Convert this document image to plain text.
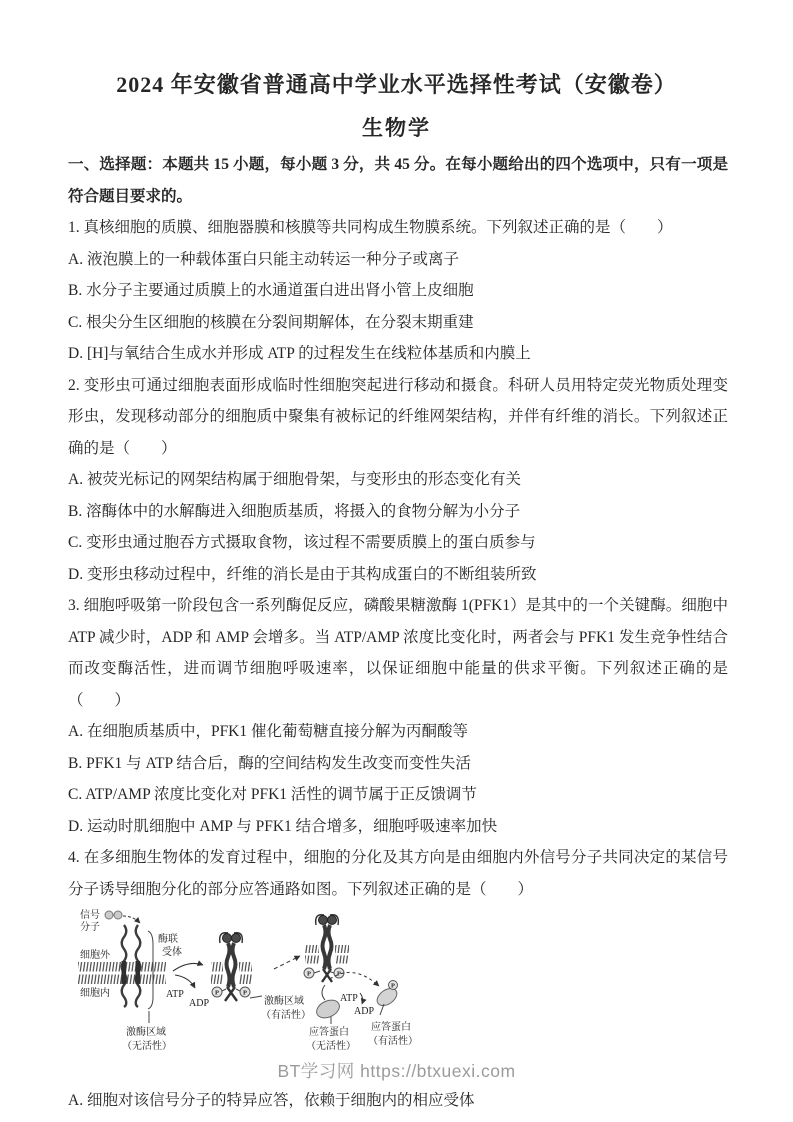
2024 年安徽省普通高中学业水平选择性考试（安徽卷）
生物学

一、选择题：本题共 15 小题，每小题 3 分，共 45 分。在每小题给出的四个选项中，只有一项是符合题目要求的。

1. 真核细胞的质膜、细胞器膜和核膜等共同构成生物膜系统。下列叙述正确的是（　　）

A. 液泡膜上的一种载体蛋白只能主动转运一种分子或离子

B. 水分子主要通过质膜上的水通道蛋白进出肾小管上皮细胞

C. 根尖分生区细胞的核膜在分裂间期解体，在分裂末期重建

D. [H]与氧结合生成水并形成 ATP 的过程发生在线粒体基质和内膜上

2. 变形虫可通过细胞表面形成临时性细胞突起进行移动和摄食。科研人员用特定荧光物质处理变形虫，发现移动部分的细胞质中聚集有被标记的纤维网架结构，并伴有纤维的消长。下列叙述正确的是（　　）

A. 被荧光标记的网架结构属于细胞骨架，与变形虫的形态变化有关

B. 溶酶体中的水解酶进入细胞质基质，将摄入的食物分解为小分子

C. 变形虫通过胞吞方式摄取食物，该过程不需要质膜上的蛋白质参与

D. 变形虫移动过程中，纤维的消长是由于其构成蛋白的不断组装所致

3. 细胞呼吸第一阶段包含一系列酶促反应，磷酸果糖激酶 1(PFK1）是其中的一个关键酶。细胞中 ATP 减少时，ADP 和 AMP 会增多。当 ATP/AMP 浓度比变化时，两者会与 PFK1 发生竞争性结合而改变酶活性，进而调节细胞呼吸速率，以保证细胞中能量的供求平衡。下列叙述正确的是（　　）

A. 在细胞质基质中，PFK1 催化葡萄糖直接分解为丙酮酸等

B. PFK1 与 ATP 结合后，酶的空间结构发生改变而变性失活

C. ATP/AMP 浓度比变化对 PFK1 活性的调节属于正反馈调节

D. 运动时肌细胞中 AMP 与 PFK1 结合增多，细胞呼吸速率加快

4. 在多细胞生物体的发育过程中，细胞的分化及其方向是由细胞内外信号分子共同决定的某信号分子诱导细胞分化的部分应答通路如图。下列叙述正确的是（　　）

信号
分子
细胞外
细胞内
酶联
受体
激酶区域
（无活性）
ATP
ADP
P	P
激酶区域
（有活性）
P	P
ATP
ADP
应答蛋白
（无活性）
P
应答蛋白
（有活性）

A. 细胞对该信号分子的特异应答，依赖于细胞内的相应受体

BT学习网 https://btxuexi.com
